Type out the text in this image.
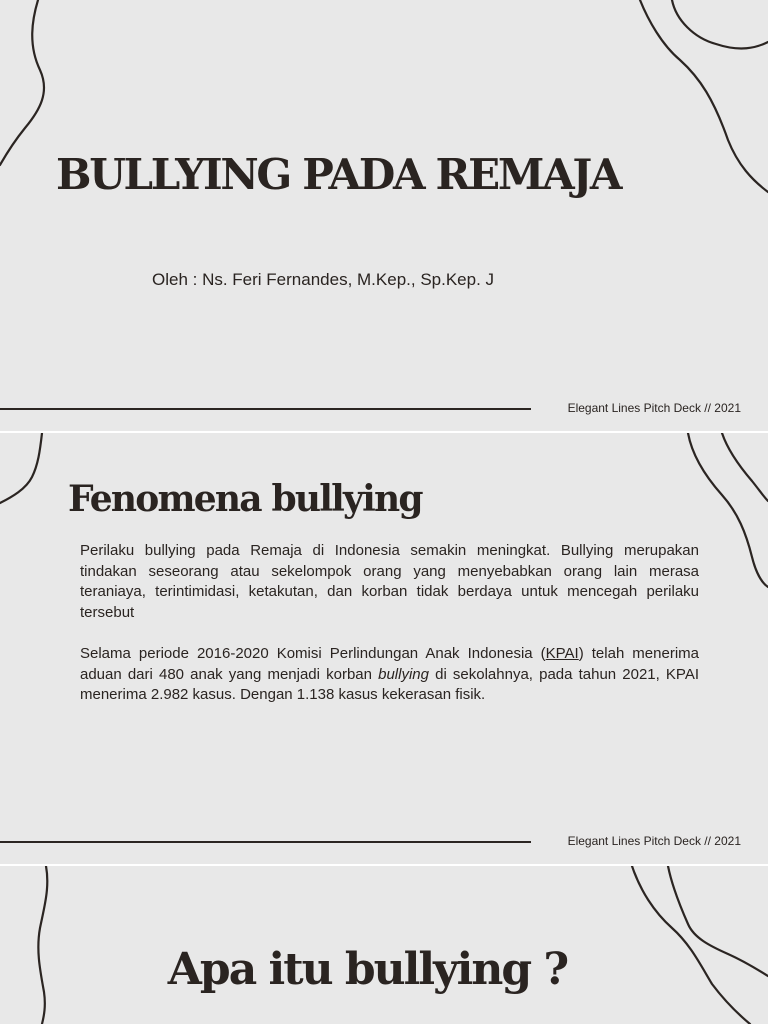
BULLYING PADA REMAJA
Oleh : Ns. Feri Fernandes, M.Kep., Sp.Kep. J
Elegant Lines Pitch Deck // 2021
Fenomena bullying

Perilaku bullying pada Remaja di Indonesia semakin meningkat. Bullying merupakan tindakan seseorang atau sekelompok orang yang menyebabkan orang lain merasa teraniaya, terintimidasi, ketakutan, dan korban tidak berdaya untuk mencegah perilaku tersebut

Selama periode 2016-2020 Komisi Perlindungan Anak Indonesia (KPAI) telah menerima aduan dari 480 anak yang menjadi korban bullying di sekolahnya, pada tahun 2021, KPAI menerima 2.982 kasus. Dengan 1.138 kasus kekerasan fisik.

Elegant Lines Pitch Deck // 2021
Apa itu bullying ?
